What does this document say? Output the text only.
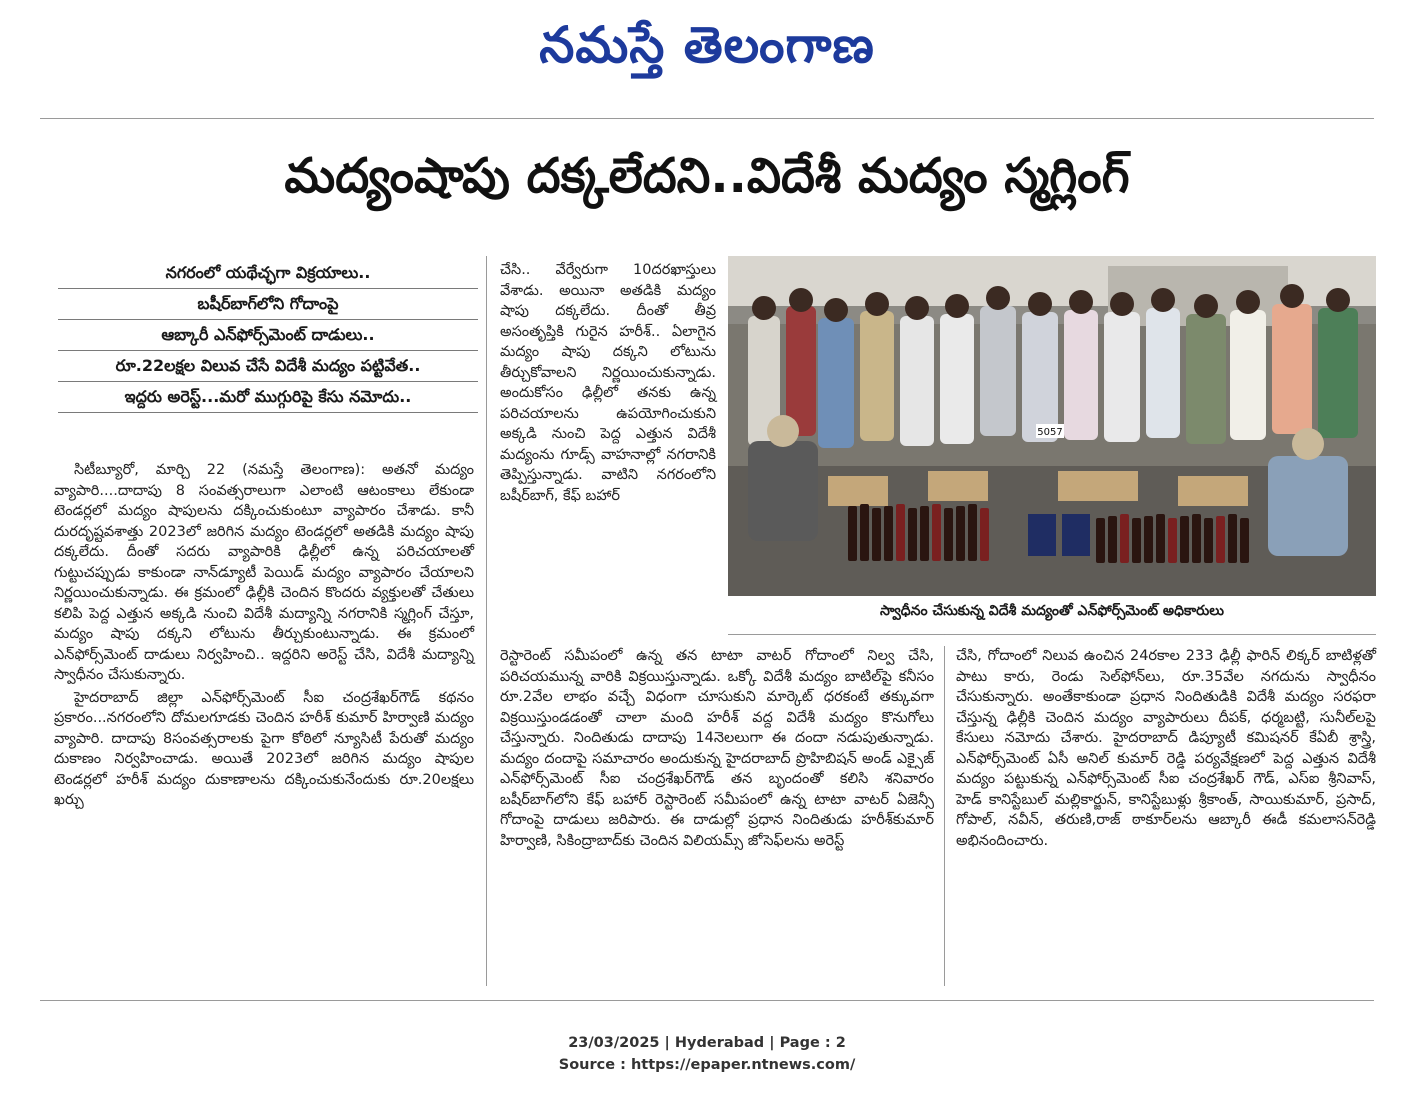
నమస్తే తెలంగాణ
మద్యంషాపు దక్కలేదని..విదేశీ మద్యం స్మగ్లింగ్
నగరంలో యథేచ్ఛగా విక్రయాలు..
బషీర్‌బాగ్‌లోని గోదాంపై
ఆబ్కారీ ఎన్‌ఫోర్స్‌మెంట్ దాడులు..
రూ.22లక్షల విలువ చేసే విదేశీ మద్యం పట్టివేత..
ఇద్దరు అరెస్ట్...మరో ముగ్గురిపై కేసు నమోదు..

సిటీబ్యూరో, మార్చి 22 (నమస్తే తెలంగాణ): అతనో మద్యం వ్యాపారి....దాదాపు 8 సంవత్సరాలుగా ఎలాంటి ఆటంకాలు లేకుండా టెండర్లలో మద్యం షాపులను దక్కించుకుంటూ వ్యాపారం చేశాడు. కానీ దురదృష్టవశాత్తు 2023లో జరిగిన మద్యం టెండర్లలో అతడికి మద్యం షాపు దక్కలేదు. దీంతో సదరు వ్యాపారికి ఢిల్లీలో ఉన్న పరిచయాలతో గుట్టుచప్పుడు కాకుండా నాన్‌డ్యూటీ పెయిడ్ మద్యం వ్యాపారం చేయాలని నిర్ణయించుకున్నాడు. ఈ క్రమంలో ఢిల్లీకి చెందిన కొందరు వ్యక్తులతో చేతులు కలిపి పెద్ద ఎత్తున అక్కడి నుంచి విదేశీ మద్యాన్ని నగరానికి స్మగ్లింగ్ చేస్తూ, మద్యం షాపు దక్కని లోటును తీర్చుకుంటున్నాడు. ఈ క్రమంలో ఎన్‌ఫోర్స్‌మెంట్ దాడులు నిర్వహించి.. ఇద్దరిని అరెస్ట్ చేసి, విదేశీ మద్యాన్ని స్వాధీనం చేసుకున్నారు.

హైదరాబాద్ జిల్లా ఎన్‌ఫోర్స్‌మెంట్ సీఐ చంద్రశేఖర్‌గౌడ్ కథనం ప్రకారం...నగరంలోని దోమలగూడకు చెందిన హరీశ్ కుమార్ హిర్వాణి మద్యం వ్యాపారి. దాదాపు 8సంవత్సరాలకు పైగా కోఠిలో న్యూసిటీ పేరుతో మద్యం దుకాణం నిర్వహించాడు. అయితే 2023లో జరిగిన మద్యం షాపుల టెండర్లలో హరీశ్ మద్యం దుకాణాలను దక్కించుకునేందుకు రూ.20లక్షలు ఖర్చు

చేసి.. వేర్వేరుగా 10దరఖాస్తులు వేశాడు. అయినా అతడికి మద్యం షాపు దక్కలేదు. దీంతో తీవ్ర అసంతృప్తికి గురైన హరీశ్.. ఏలాగైన మద్యం షాపు దక్కని లోటును తీర్చుకోవాలని నిర్ణయించుకున్నాడు. అందుకోసం ఢిల్లీలో తనకు ఉన్న పరిచయాలను ఉపయోగించుకుని అక్కడి నుంచి పెద్ద ఎత్తున విదేశీ మద్యంను గూడ్స్ వాహనాల్లో నగరానికి తెప్పిస్తున్నాడు. వాటిని నగరంలోని బషీర్‌బాగ్, కేఫ్ బహార్

5057
స్వాధీనం చేసుకున్న విదేశీ మద్యంతో ఎన్‌ఫోర్స్‌మెంట్ అధికారులు

రెస్టారెంట్ సమీపంలో ఉన్న తన టాటా వాటర్ గోదాంలో నిల్వ చేసి, పరిచయమున్న వారికి విక్రయిస్తున్నాడు. ఒక్కో విదేశీ మద్యం బాటిల్‌పై కనీసం రూ.2వేల లాభం వచ్చే విధంగా చూసుకుని మార్కెట్ ధరకంటే తక్కువగా విక్రయిస్తుండడంతో చాలా మంది హరీశ్ వద్ద విదేశీ మద్యం కొనుగోలు చేస్తున్నారు. నిందితుడు దాదాపు 14నెలలుగా ఈ దందా నడుపుతున్నాడు. మద్యం దందాపై సమాచారం అందుకున్న హైదరాబాద్ ప్రొహిబిషన్ అండ్ ఎక్సైజ్ ఎన్‌ఫోర్స్‌మెంట్ సీఐ చంద్రశేఖర్‌గౌడ్ తన బృందంతో కలిసి శనివారం బషీర్‌బాగ్‌లోని కేఫ్ బహార్ రెస్టారెంట్ సమీపంలో ఉన్న టాటా వాటర్ ఏజెన్సీ గోదాంపై దాడులు జరిపారు. ఈ దాడుల్లో ప్రధాన నిందితుడు హరీశ్‌కుమార్ హిర్వాణి, సికింద్రాబాద్‌కు చెందిన విలియమ్స్ జోసెఫ్‌లను అరెస్ట్

చేసి, గోదాంలో నిలువ ఉంచిన 24రకాల 233 ఢిల్లీ ఫారిన్ లిక్కర్ బాటిళ్లతో పాటు కారు, రెండు సెల్‌ఫోన్‌లు, రూ.35వేల నగదును స్వాధీనం చేసుకున్నారు. అంతేకాకుండా ప్రధాన నిందితుడికి విదేశీ మద్యం సరఫరా చేస్తున్న ఢిల్లీకి చెందిన మద్యం వ్యాపారులు దీపక్, ధర్మబట్టి, సునీల్‌లపై కేసులు నమోదు చేశారు. హైదరాబాద్ డిప్యూటీ కమిషనర్ కేఏబీ శ్రాస్త్రి, ఎన్‌ఫోర్స్‌మెంట్ ఏసీ అనిల్ కుమార్ రెడ్డి పర్యవేక్షణలో పెద్ద ఎత్తున విదేశీ మద్యం పట్టుకున్న ఎన్‌ఫోర్స్‌మెంట్ సీఐ చంద్రశేఖర్ గౌడ్, ఎస్ఐ శ్రీనివాస్, హెడ్ కానిస్టేబుల్ మల్లికార్జున్, కానిస్టేబుళ్లు శ్రీకాంత్, సాయికుమార్, ప్రసాద్, గోపాల్, నవీన్, తరుణి,రాజ్ ఠాకూర్‌లను ఆబ్కారీ ఈడీ కమలాసన్‌రెడ్డి అభినందించారు.

23/03/2025 | Hyderabad | Page : 2
Source : https://epaper.ntnews.com/
